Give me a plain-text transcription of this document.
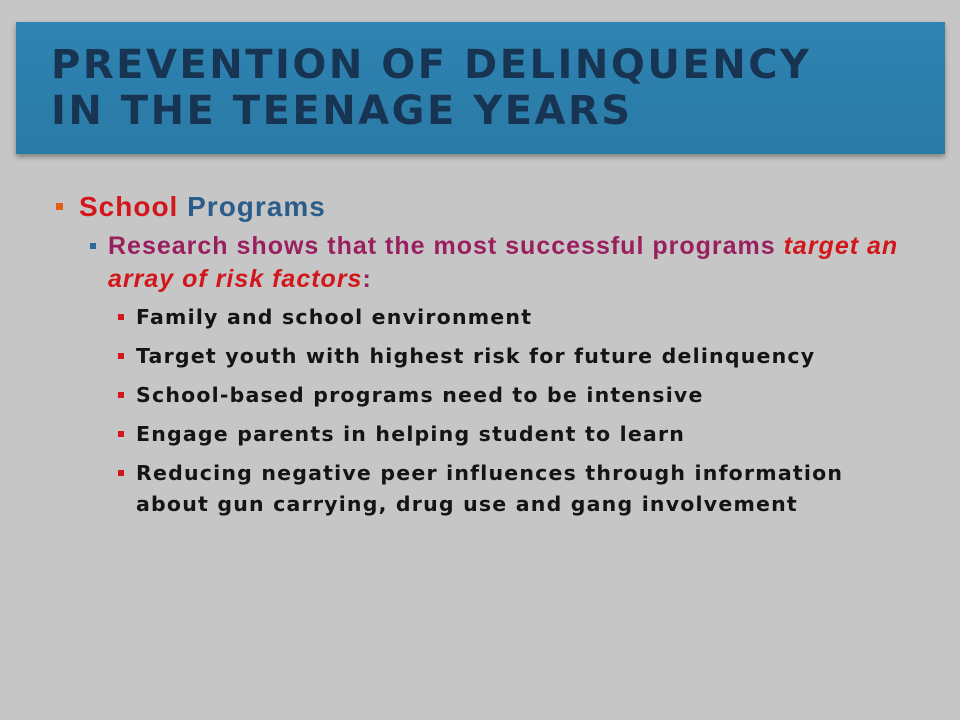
PREVENTION OF DELINQUENCY
IN THE TEENAGE YEARS
School Programs
Research shows that the most successful programs target an array of risk factors:
Family and school environment
Target youth with highest risk for future delinquency
School-based programs need to be intensive
Engage parents in helping student to learn
Reducing negative peer influences through information about gun carrying, drug use and gang involvement
